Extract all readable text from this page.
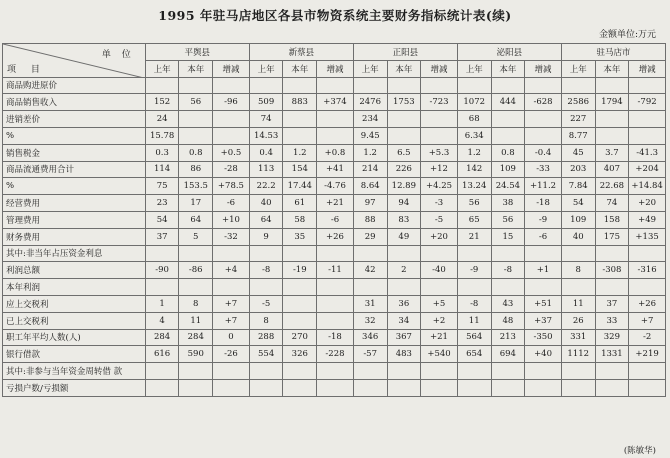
1995 年驻马店地区各县市物资系统主要财务指标统计表(续)
金额单位:万元
单 位
项 目	平舆县			新蔡县			正阳县			泌阳县			驻马店市		
	上年	本年	增减	上年	本年	增减	上年	本年	增减	上年	本年	增减	上年	本年	增减
商品购进原价															
商品销售收入	152	56	-96	509	883	+374	2476	1753	-723	1072	444	-628	2586	1794	-792
进销差价	24			74			234			68			227		
%	15.78			14.53			9.45			6.34			8.77		
销售税金	0.3	0.8	+0.5	0.4	1.2	+0.8	1.2	6.5	+5.3	1.2	0.8	-0.4	45	3.7	-41.3
商品流通费用合计	114	86	-28	113	154	+41	214	226	+12	142	109	-33	203	407	+204
%	75	153.5	+78.5	22.2	17.44	-4.76	8.64	12.89	+4.25	13.24	24.54	+11.2	7.84	22.68	+14.84
经营费用	23	17	-6	40	61	+21	97	94	-3	56	38	-18	54	74	+20
管理费用	54	64	+10	64	58	-6	88	83	-5	65	56	-9	109	158	+49
财务费用	37	5	-32	9	35	+26	29	49	+20	21	15	-6	40	175	+135
其中:非当年占压资金利息															
利润总额	-90	-86	+4	-8	-19	-11	42	2	-40	-9	-8	+1	8	-308	-316
本年利润															
应上交税利	1	8	+7	-5			31	36	+5	-8	43	+51	11	37	+26
已上交税利	4	11	+7	8			32	34	+2	11	48	+37	26	33	+7
职工年平均人数(人)	284	284	0	288	270	-18	346	367	+21	564	213	-350	331	329	-2
银行借款	616	590	-26	554	326	-228	-57	483	+540	654	694	+40	1112	1331	+219
其中:非参与当年资金周转借 款															
亏损户数/亏损额															
(陈敏华)
